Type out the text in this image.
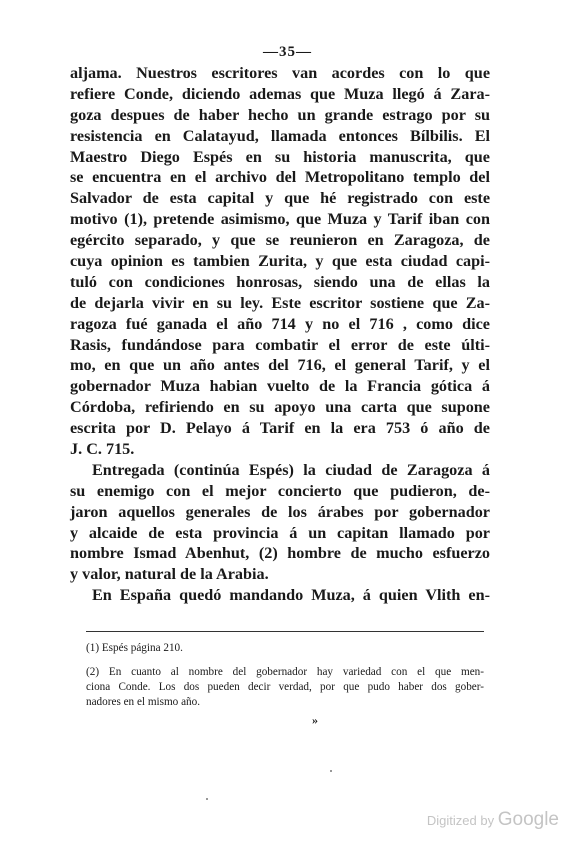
—35—
aljama. Nuestros escritores van acordes con lo que
refiere Conde, diciendo ademas que Muza llegó á Zara-
goza despues de haber hecho un grande estrago por su
resistencia en Calatayud, llamada entonces Bílbilis. El
Maestro Diego Espés en su historia manuscrita, que
se encuentra en el archivo del Metropolitano templo del
Salvador de esta capital y que hé registrado con este
motivo (1), pretende asimismo, que Muza y Tarif iban con
egército separado, y que se reunieron en Zaragoza, de
cuya opinion es tambien Zurita, y que esta ciudad capi-
tuló con condiciones honrosas, siendo una de ellas la
de dejarla vivir en su ley. Este escritor sostiene que Za-
ragoza fué ganada el año 714 y no el 716 , como dice
Rasis, fundándose para combatir el error de este últi-
mo, en que un año antes del 716, el general Tarif, y el
gobernador Muza habian vuelto de la Francia gótica á
Córdoba, refiriendo en su apoyo una carta que supone
escrita por D. Pelayo á Tarif en la era 753 ó año de
J. C. 715.
Entregada (continúa Espés) la ciudad de Zaragoza á
su enemigo con el mejor concierto que pudieron, de-
jaron aquellos generales de los árabes por gobernador
y alcaide de esta provincia á un capitan llamado por
nombre Ismad Abenhut, (2) hombre de mucho esfuerzo
y valor, natural de la Arabia.
En España quedó mandando Muza, á quien Vlith en-
(1) Espés página 210.
(2) En cuanto al nombre del gobernador hay variedad con el que men-
ciona Conde. Los dos pueden decir verdad, por que pudo haber dos gober-
nadores en el mismo año.
»
Digitized by Google
